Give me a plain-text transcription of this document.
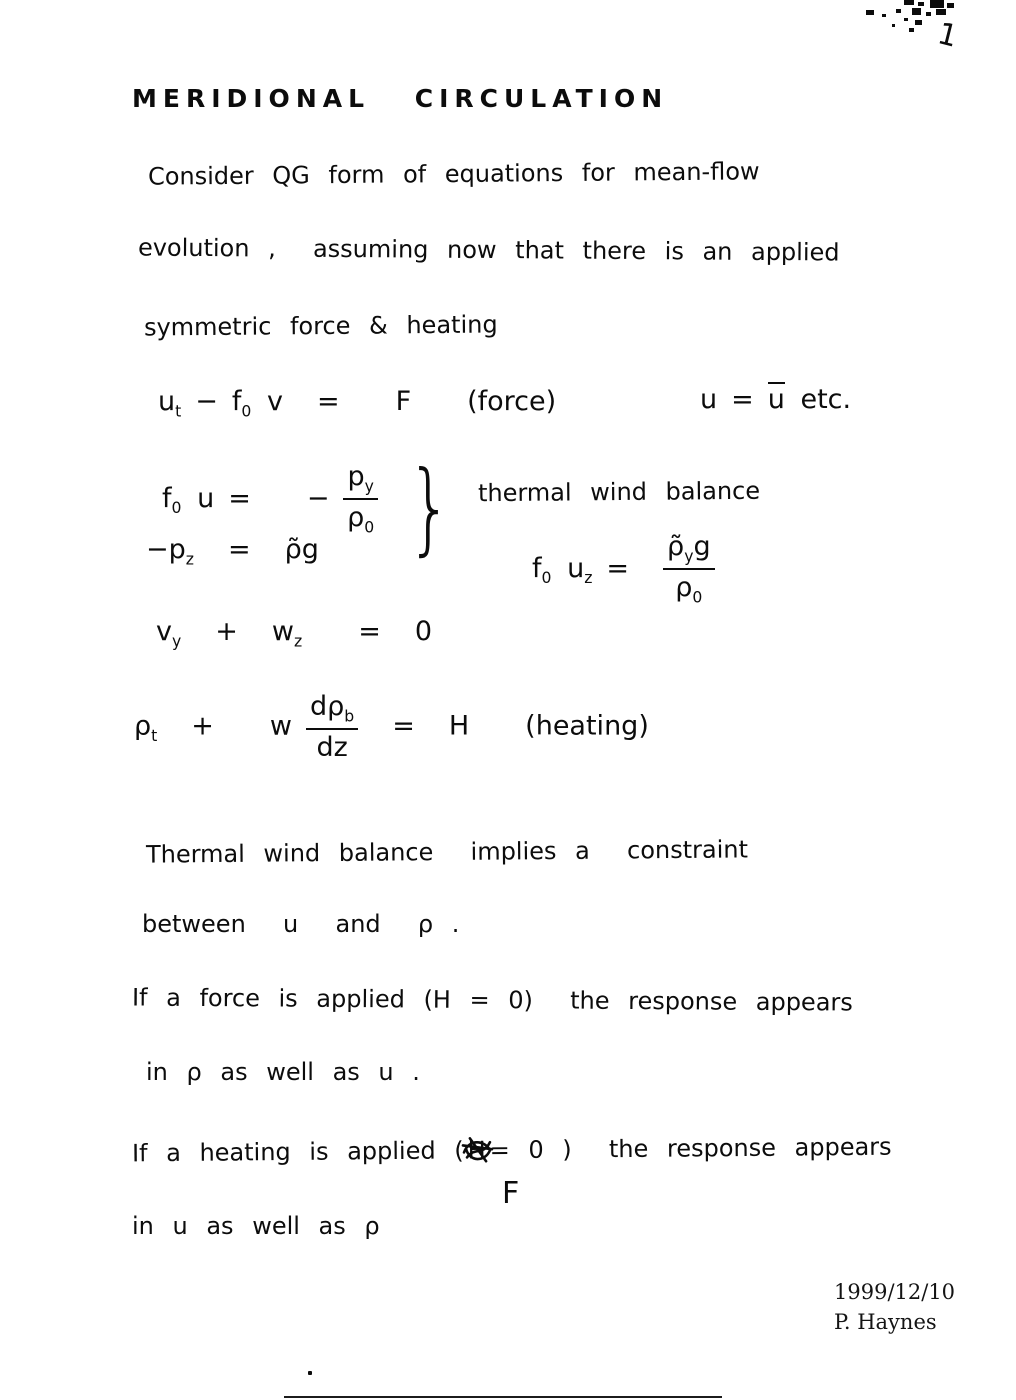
1
MERIDIONAL CIRCULATION
Consider QG form of equations for mean-flow
evolution ,  assuming now that there is an applied
symmetric force & heating
$u_t - f_0$ v = F (force)	u = u etc.
$f_0$ u = − $\frac{p_y}{\rho_0}$
$-p_z$ = ρ̃g } thermal wind balance
$f_0$ $u_z = \frac{\rhõ_yg}{\rho_0}$
$v_y + w_z = 0$
$\rho_t + w \frac{d\rho_b}{dz} = H$ (heating)
Thermal wind balance  implies a  constraint
between  u  and  ρ .
If a force is applied (H = 0)  the response appears
in ρ as well as u .
If a heating is applied ( H = 0 )  the response appears
F
in u as well as ρ
1999/12/10
P. Haynes
